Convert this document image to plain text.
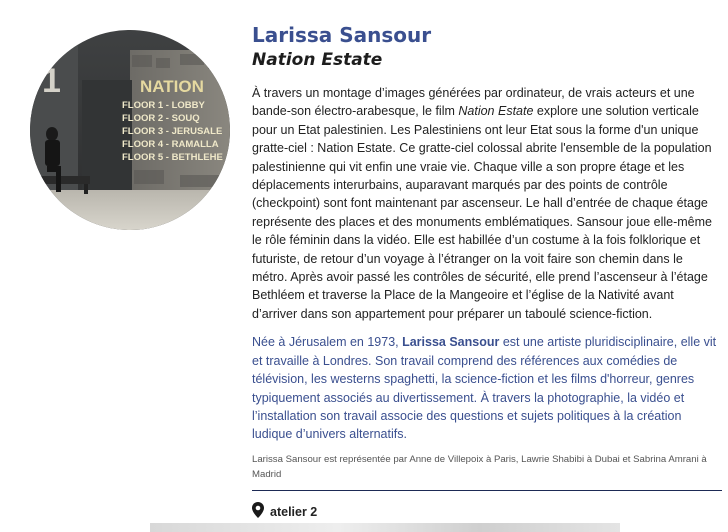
1	NATION
FLOOR 1 - LOBBY
FLOOR 2 - SOUQ
FLOOR 3 - JERUSALE
FLOOR 4 - RAMALLA
FLOOR 5 - BETHLEHE
Larissa Sansour
Nation Estate

À travers un montage d’images générées par ordinateur, de vrais acteurs et une bande-son électro-arabesque, le film Nation Estate explore une solution verticale pour un Etat palestinien. Les Palestiniens ont leur Etat sous la forme d'un unique gratte-ciel : Nation Estate. Ce gratte-ciel colossal abrite l'ensemble de la population palestinienne qui vit enfin une vraie vie. Chaque ville a son propre étage et les déplacements interurbains, auparavant marqués par des points de contrôle (checkpoint) sont font maintenant par ascenseur. Le hall d’entrée de chaque étage représente des places et des monuments emblématiques. Sansour joue elle-même le rôle féminin dans la vidéo. Elle est habillée d’un costume à la fois folklorique et futuriste, de retour d’un voyage à l’étranger on la voit faire son chemin dans le métro. Après avoir passé les contrôles de sécurité, elle prend l’ascenseur à l’étage Bethléem et traverse la Place de la Mangeoire et l’église de la Nativité avant d’arriver dans son appartement pour préparer un taboulé science-fiction.

Née à Jérusalem en 1973, Larissa Sansour est une artiste pluridisciplinaire, elle vit et travaille à Londres. Son travail comprend des références aux comédies de télévision, les westerns spaghetti, la science-fiction et les films d'horreur, genres typiquement associés au divertissement. À travers la photographie, la vidéo et l’installation son travail associe des questions et sujets politiques à la création ludique d’univers alternatifs.

Larissa Sansour est représentée par Anne de Villepoix à Paris, Lawrie Shabibi à Dubai et Sabrina Amrani à Madrid

atelier 2
